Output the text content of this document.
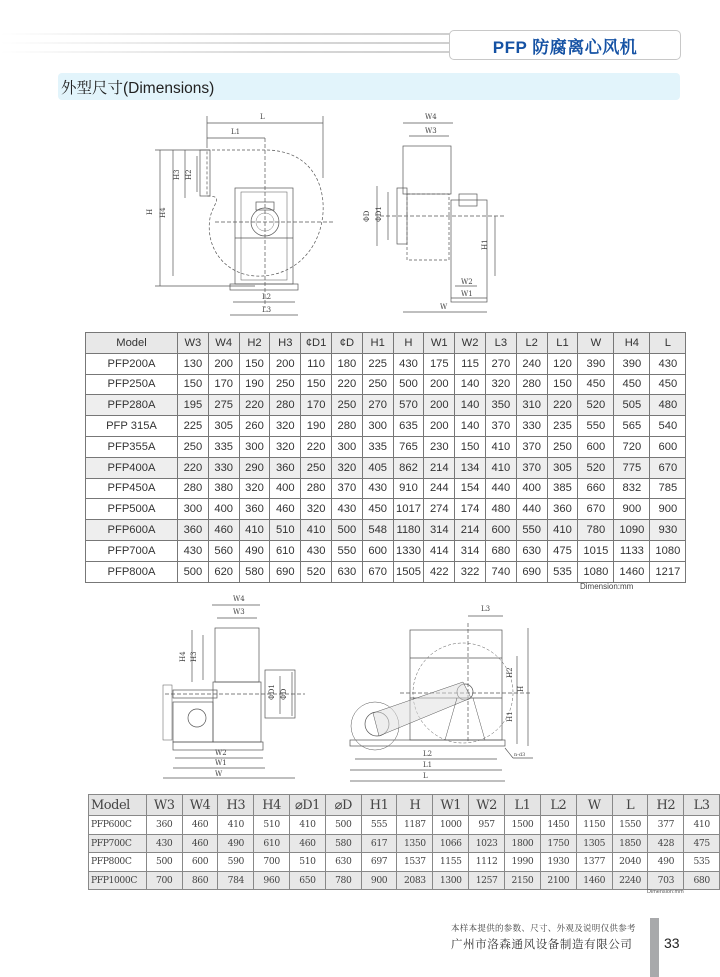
PFP 防腐离心风机
外型尺寸(Dimensions)
L
L1
H H4
H3 H2
L2
L3
W4
W3
ΦD ΦD1
H1
W2
W1
W
Model	W3	W4	H2	H3	¢D1	¢D	H1	H	W1	W2	L3	L2	L1	W	H4	L
PFP200A	130	200	150	200	110	180	225	430	175	115	270	240	120	390	390	430
PFP250A	150	170	190	250	150	220	250	500	200	140	320	280	150	450	450	450
PFP280A	195	275	220	280	170	250	270	570	200	140	350	310	220	520	505	480
PFP 315A	225	305	260	320	190	280	300	635	200	140	370	330	235	550	565	540
PFP355A	250	335	300	320	220	300	335	765	230	150	410	370	250	600	720	600
PFP400A	220	330	290	360	250	320	405	862	214	134	410	370	305	520	775	670
PFP450A	280	380	320	400	280	370	430	910	244	154	440	400	385	660	832	785
PFP500A	300	400	360	460	320	430	450	1017	274	174	480	440	360	670	900	900
PFP600A	360	460	410	510	410	500	548	1180	314	214	600	550	410	780	1090	930
PFP700A	430	560	490	610	430	550	600	1330	414	314	680	630	475	1015	1133	1080
PFP800A	500	620	580	690	520	630	670	1505	422	322	740	690	535	1080	1460	1217
Dimension:mm
W4
W3
H4 H3
ΦD1 ΦD
W2
W1
W
L3
H
H2
H1
L2
L1
L
n-d3
Model	W3	W4	H3	H4	⌀D1	⌀D	H1	H	W1	W2	L1	L2	W	L	H2	L3
PFP600C	360	460	410	510	410	500	555	1187	1000	957	1500	1450	1150	1550	377	410
PFP700C	430	460	490	610	460	580	617	1350	1066	1023	1800	1750	1305	1850	428	475
PFP800C	500	600	590	700	510	630	697	1537	1155	1112	1990	1930	1377	2040	490	535
PFP1000C	700	860	784	960	650	780	900	2083	1300	1257	2150	2100	1460	2240	703	680
Dimension:mm
本样本提供的参数、尺寸、外观及说明仅供参考
广州市洛森通风设备制造有限公司 33
